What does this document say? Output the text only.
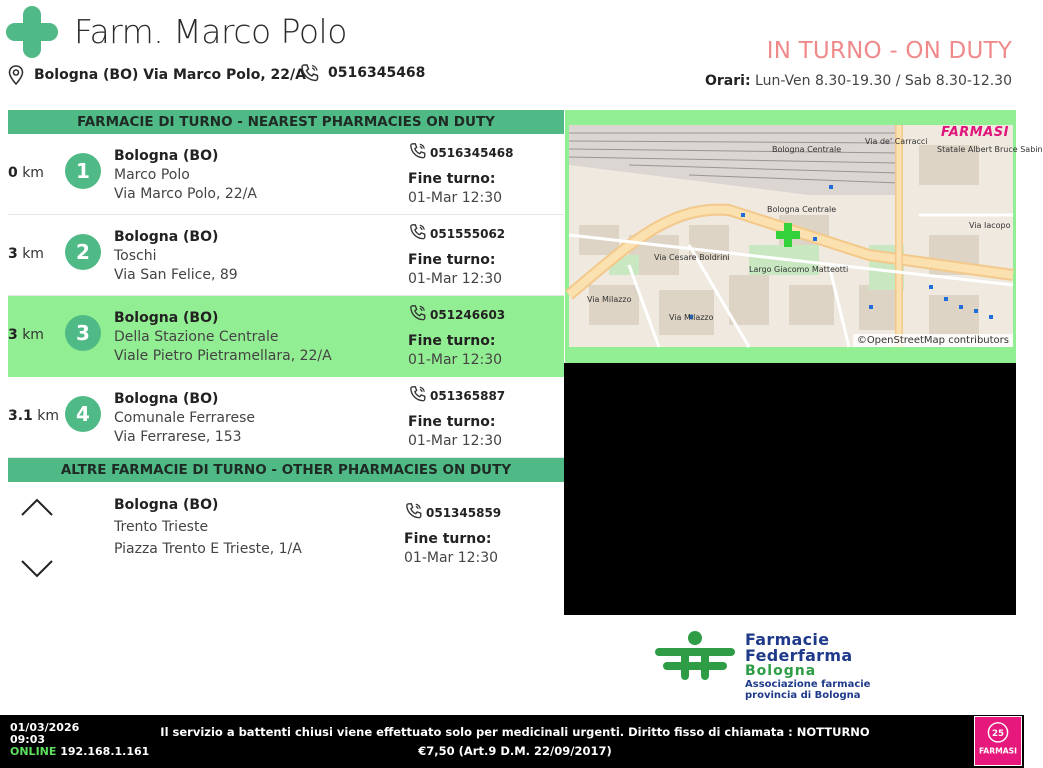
Farm. Marco Polo
Bologna (BO) Via Marco Polo, 22/A 0516345468
IN TURNO - ON DUTY
Orari: Lun-Ven 8.30-19.30 / Sab 8.30-12.30
FARMACIE DI TURNO - NEAREST PHARMACIES ON DUTY
0 km	1
Bologna (BO)
Marco Polo
Via Marco Polo, 22/A
0516345468
Fine turno:
01-Mar 12:30
3 km	2
Bologna (BO)
Toschi
Via San Felice, 89
051555062
Fine turno:
01-Mar 12:30
3 km	3
Bologna (BO)
Della Stazione Centrale
Viale Pietro Pietramellara, 22/A
051246603
Fine turno:
01-Mar 12:30
3.1 km 4
Bologna (BO)
Comunale Ferrarese
Via Ferrarese, 153
051365887
Fine turno:
01-Mar 12:30
ALTRE FARMACIE DI TURNO - OTHER PHARMACIES ON DUTY
Bologna (BO)
Trento Trieste
Piazza Trento E Trieste, 1/A
051345859
Fine turno:
01-Mar 12:30
Bologna Centrale
Bologna Centrale	Statale Albert Bruce Sabin
Via de' Carracci
Via Cesare Boldrini
Via Milazzo
Via Milazzo
Largo Giacomo Matteotti
Via Iacopo
FARMASI
©OpenStreetMap contributors
Farmacie
Federfarma
Bologna
Associazione farmacie
provincia di Bologna
01/03/2026
09:03
ONLINE 192.168.1.161
Il servizio a battenti chiusi viene effettuato solo per medicinali urgenti. Diritto fisso di chiamata : NOTTURNO €7,50 (Art.9 D.M. 22/09/2017)
25
FARMASI
